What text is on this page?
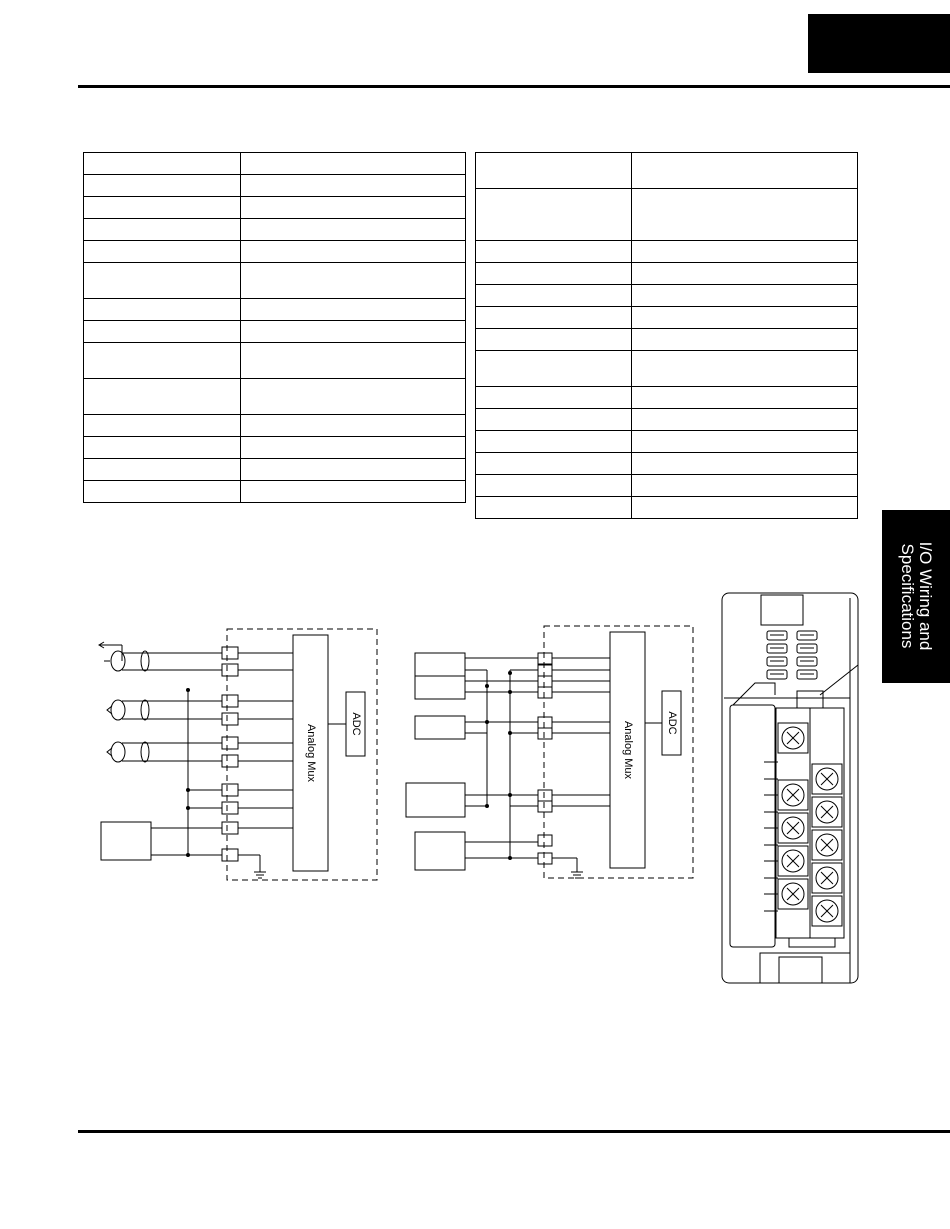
I/O Wiring and
Specifications

Analog Mux	ADC	Analog Mux	ADC
